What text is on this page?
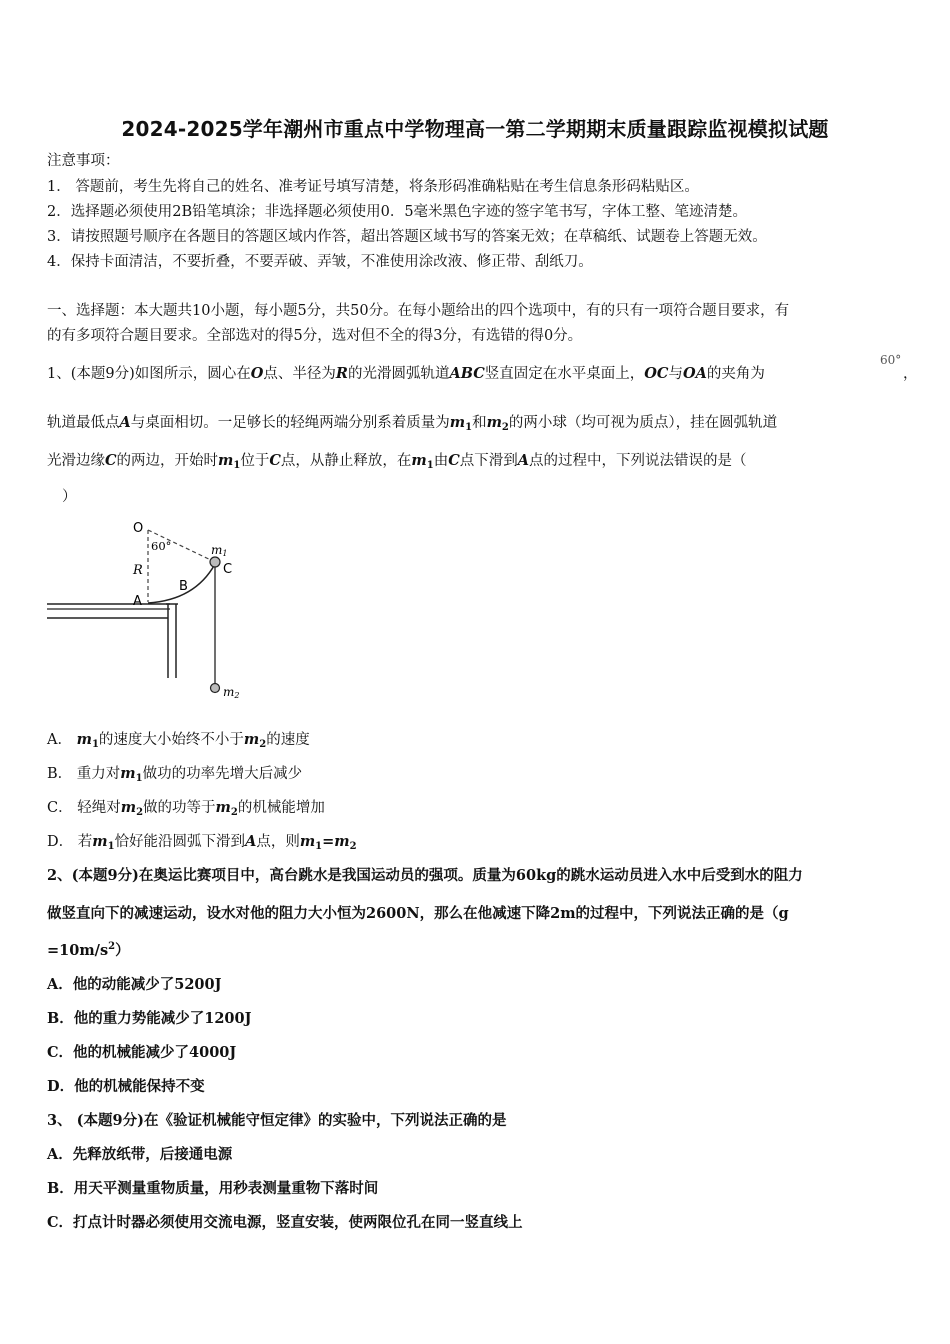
2024-2025学年潮州市重点中学物理高一第二学期期末质量跟踪监视模拟试题
注意事项：
1． 答题前，考生先将自己的姓名、准考证号填写清楚，将条形码准确粘贴在考生信息条形码粘贴区。
2．选择题必须使用2B铅笔填涂；非选择题必须使用0．5毫米黑色字迹的签字笔书写，字体工整、笔迹清楚。
3．请按照题号顺序在各题目的答题区域内作答，超出答题区域书写的答案无效；在草稿纸、试题卷上答题无效。
4．保持卡面清洁，不要折叠，不要弄破、弄皱，不准使用涂改液、修正带、刮纸刀。
一、选择题：本大题共10小题，每小题5分，共50分。在每小题给出的四个选项中，有的只有一项符合题目要求，有
的有多项符合题目要求。全部选对的得5分，选对但不全的得3分，有选错的得0分。
1、(本题9分)如图所示，圆心在O点、半径为R的光滑圆弧轨道ABC竖直固定在水平桌面上，OC与OA的夹角为
60°
，
轨道最低点A与桌面相切。一足够长的轻绳两端分别系着质量为$m_1$和$m_2$的两小球（均可视为质点），挂在圆弧轨道
光滑边缘C的两边，开始时$m_1$位于C点，从静止释放，在$m_1$由C点下滑到A点的过程中，下列说法错误的是（
）
O
60°	m1
C
R
B
A
m2
A． $m_1$的速度大小始终不小于$m_2$的速度
B． 重力对$m_1$做功的功率先增大后减少
C． 轻绳对$m_2$做的功等于$m_2$的机械能增加
D． 若$m_1$恰好能沿圆弧下滑到A点，则$m_1=m_2$
2、(本题9分)在奥运比赛项目中，高台跳水是我国运动员的强项。质量为60kg的跳水运动员进入水中后受到水的阻力
做竖直向下的减速运动，设水对他的阻力大小恒为2600N，那么在他减速下降2m的过程中，下列说法正确的是（g
$=10m/s^2$）
A．他的动能减少了5200J
B．他的重力势能减少了1200J
C．他的机械能减少了4000J
D．他的机械能保持不变
3、 (本题9分)在《验证机械能守恒定律》的实验中，下列说法正确的是
A．先释放纸带，后接通电源
B．用天平测量重物质量，用秒表测量重物下落时间
C．打点计时器必须使用交流电源，竖直安装，使两限位孔在同一竖直线上
